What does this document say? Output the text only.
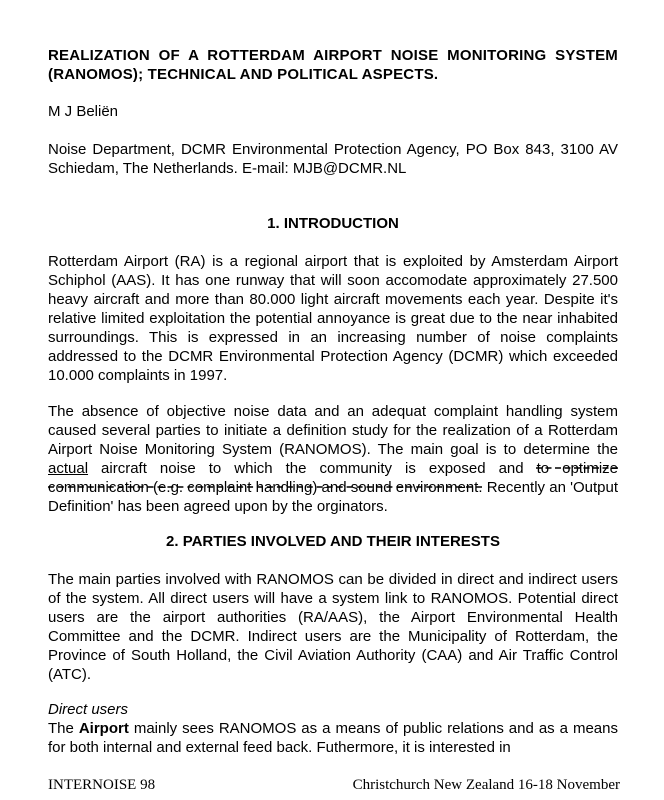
REALIZATION OF A ROTTERDAM AIRPORT NOISE MONITORING SYSTEM (RANOMOS); TECHNICAL AND POLITICAL ASPECTS.

M J Beliën

Noise Department, DCMR Environmental Protection Agency, PO Box 843, 3100 AV Schiedam, The Netherlands. E-mail: MJB@DCMR.NL

1. INTRODUCTION

Rotterdam Airport (RA) is a regional airport that is exploited by Amsterdam Airport Schiphol (AAS). It has one runway that will soon accomodate approximately 27.500 heavy aircraft and more than 80.000 light aircraft movements each year. Despite it's relative limited exploitation the potential annoyance is great due to the near inhabited surroundings. This is expressed in an increasing number of noise complaints addressed to the DCMR Environmental Protection Agency (DCMR) which exceeded 10.000 complaints in 1997.

The absence of objective noise data and an adequat complaint handling system caused several parties to initiate a definition study for the realization of a Rotterdam Airport Noise Monitoring System (RANOMOS). The main goal is to determine the actual aircraft noise to which the community is exposed and to optimize communication (e.g. complaint handling) and sound environment. Recently an 'Output Definition' has been agreed upon by the orginators.

2. PARTIES INVOLVED AND THEIR INTERESTS

The main parties involved with RANOMOS can be divided in direct and indirect users of the system. All direct users will have a system link to RANOMOS. Potential direct users are the airport authorities (RA/AAS), the Airport Environmental Health Committee and the DCMR. Indirect users are the Municipality of Rotterdam, the Province of South Holland, the Civil Aviation Authority (CAA) and Air Traffic Control (ATC).

Direct users

The Airport mainly sees RANOMOS as a means of public relations and as a means for both internal and external feed back. Futhermore, it is interested in

INTERNOISE 98	Christchurch New Zealand 16-18 November
